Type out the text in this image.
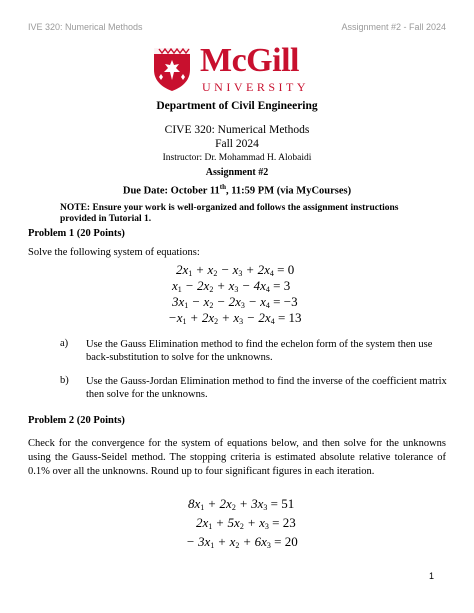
IVE 320: Numerical Methods	Assignment #2 - Fall 2024
McGill
UNIVERSITY
Department of Civil Engineering
CIVE 320: Numerical Methods
Fall 2024
Instructor: Dr. Mohammad H. Alobaidi
Assignment #2
Due Date: October 11th, 11:59 PM (via MyCourses)
NOTE: Ensure your work is well-organized and follows the assignment instructions provided in Tutorial 1.
Problem 1 (20 Points)
Solve the following system of equations:

$2x_1 + x_2 - x_3 + 2x_4 = 0$

$x_1 - 2x_2 + x_3 - 4x_4 = 3$

$3x_1 - x_2 - 2x_3 - x_4 = -3$

$-x_1 + 2x_2 + x_3 - 2x_4 = 13$

a) Use the Gauss Elimination method to find the echelon form of the system then use back-substitution to solve for the unknowns.
b) Use the Gauss-Jordan Elimination method to find the inverse of the coefficient matrix then solve for the unknowns.
Problem 2 (20 Points)
Check for the convergence for the system of equations below, and then solve for the unknowns using the Gauss-Seidel method. The stopping criteria is estimated absolute relative tolerance of 0.1% over all the unknowns. Round up to four significant figures in each iteration.

$8x_1 + 2x_2 + 3x_3 = 51$

$2x_1 + 5x_2 + x_3 = 23$

− $3x_1 + x_2 + 6x_3 = 20$

1
